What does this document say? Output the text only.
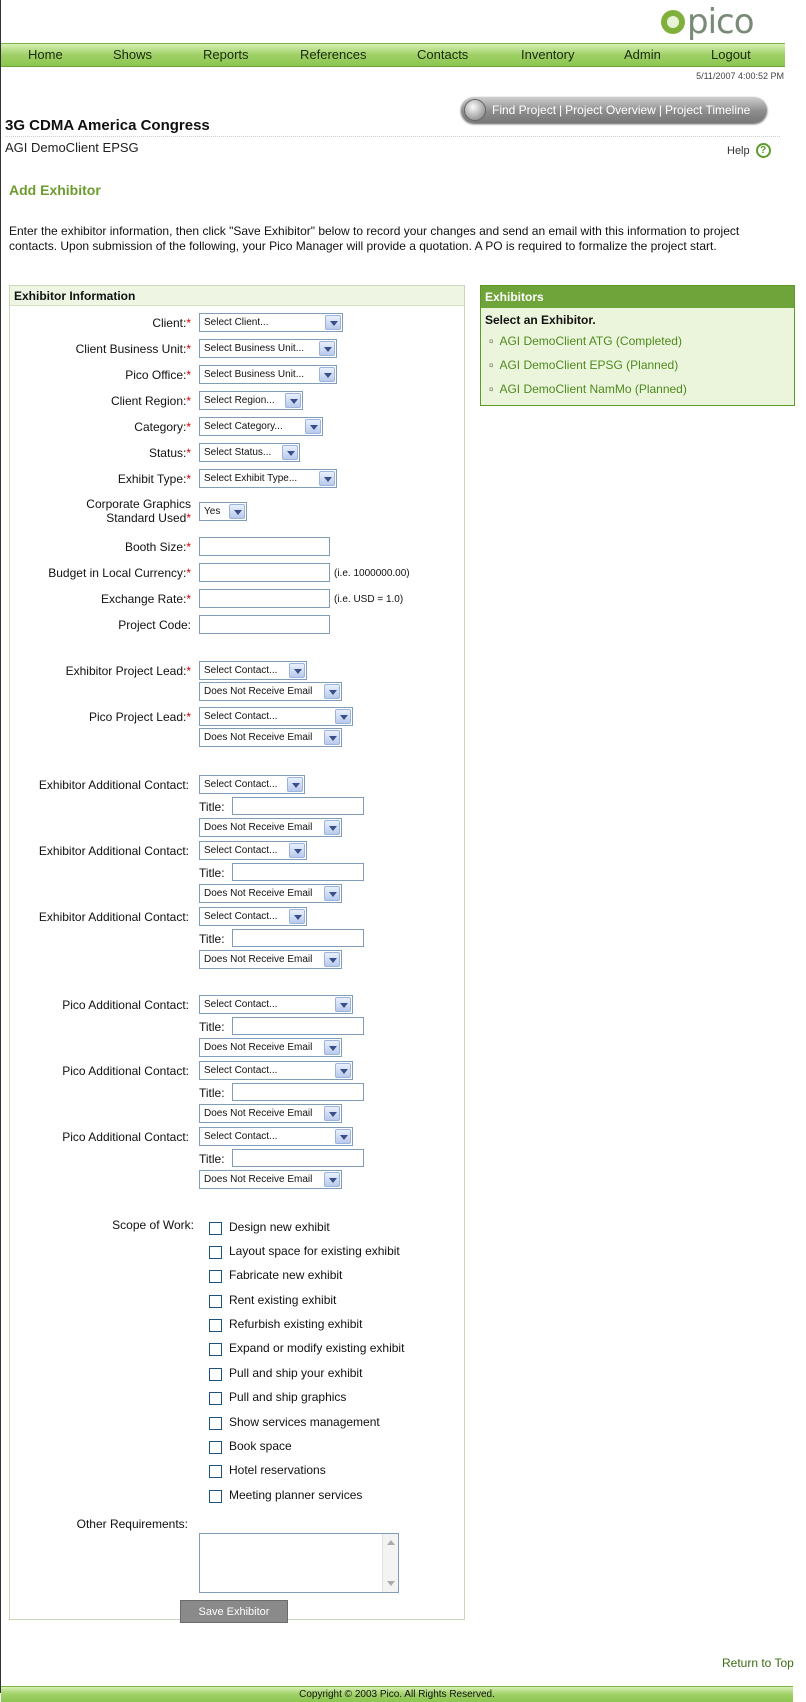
pico
Home	Shows	Reports	References	Contacts	Inventory	Admin	Logout
5/11/2007 4:00:52 PM
Find Project | Project Overview | Project Timeline
3G CDMA America Congress
AGI DemoClient EPSG	Help	?
Add Exhibitor
Enter the exhibitor information, then click "Save Exhibitor" below to record your changes and send an email with this information to project contacts. Upon submission of the following, your Pico Manager will provide a quotation. A PO is required to formalize the project start.
Exhibitor Information
Client:* Select Client...
Client Business Unit:* Select Business Unit...
Pico Office:* Select Business Unit...
Client Region:* Select Region...
Category:* Select Category...
Status:* Select Status...
Exhibit Type:* Select Exhibit Type...
Corporate Graphics
Standard Used* Yes
Booth Size:*
Budget in Local Currency:*	(i.e. 1000000.00)
Exchange Rate:*	(i.e. USD = 1.0)
Project Code:
Exhibitor Project Lead:* Select Contact...
Does Not Receive Email
Pico Project Lead:* Select Contact...
Does Not Receive Email
Exhibitor Additional Contact: Select Contact...
Title:
Does Not Receive Email
Exhibitor Additional Contact: Select Contact...
Title:
Does Not Receive Email
Exhibitor Additional Contact: Select Contact...
Title:
Does Not Receive Email
Pico Additional Contact: Select Contact...
Title:
Does Not Receive Email
Pico Additional Contact: Select Contact...
Title:
Does Not Receive Email
Pico Additional Contact: Select Contact...
Title:
Does Not Receive Email
Scope of Work:	Design new exhibit
Layout space for existing exhibit
Fabricate new exhibit
Rent existing exhibit
Refurbish existing exhibit
Expand or modify existing exhibit
Pull and ship your exhibit
Pull and ship graphics
Show services management
Book space
Hotel reservations
Meeting planner services
Other Requirements:
Save Exhibitor
Exhibitors
Select an Exhibitor.
¤ AGI DemoClient ATG (Completed)
¤ AGI DemoClient EPSG (Planned)
¤ AGI DemoClient NamMo (Planned)
Return to Top
Copyright © 2003 Pico. All Rights Reserved.
